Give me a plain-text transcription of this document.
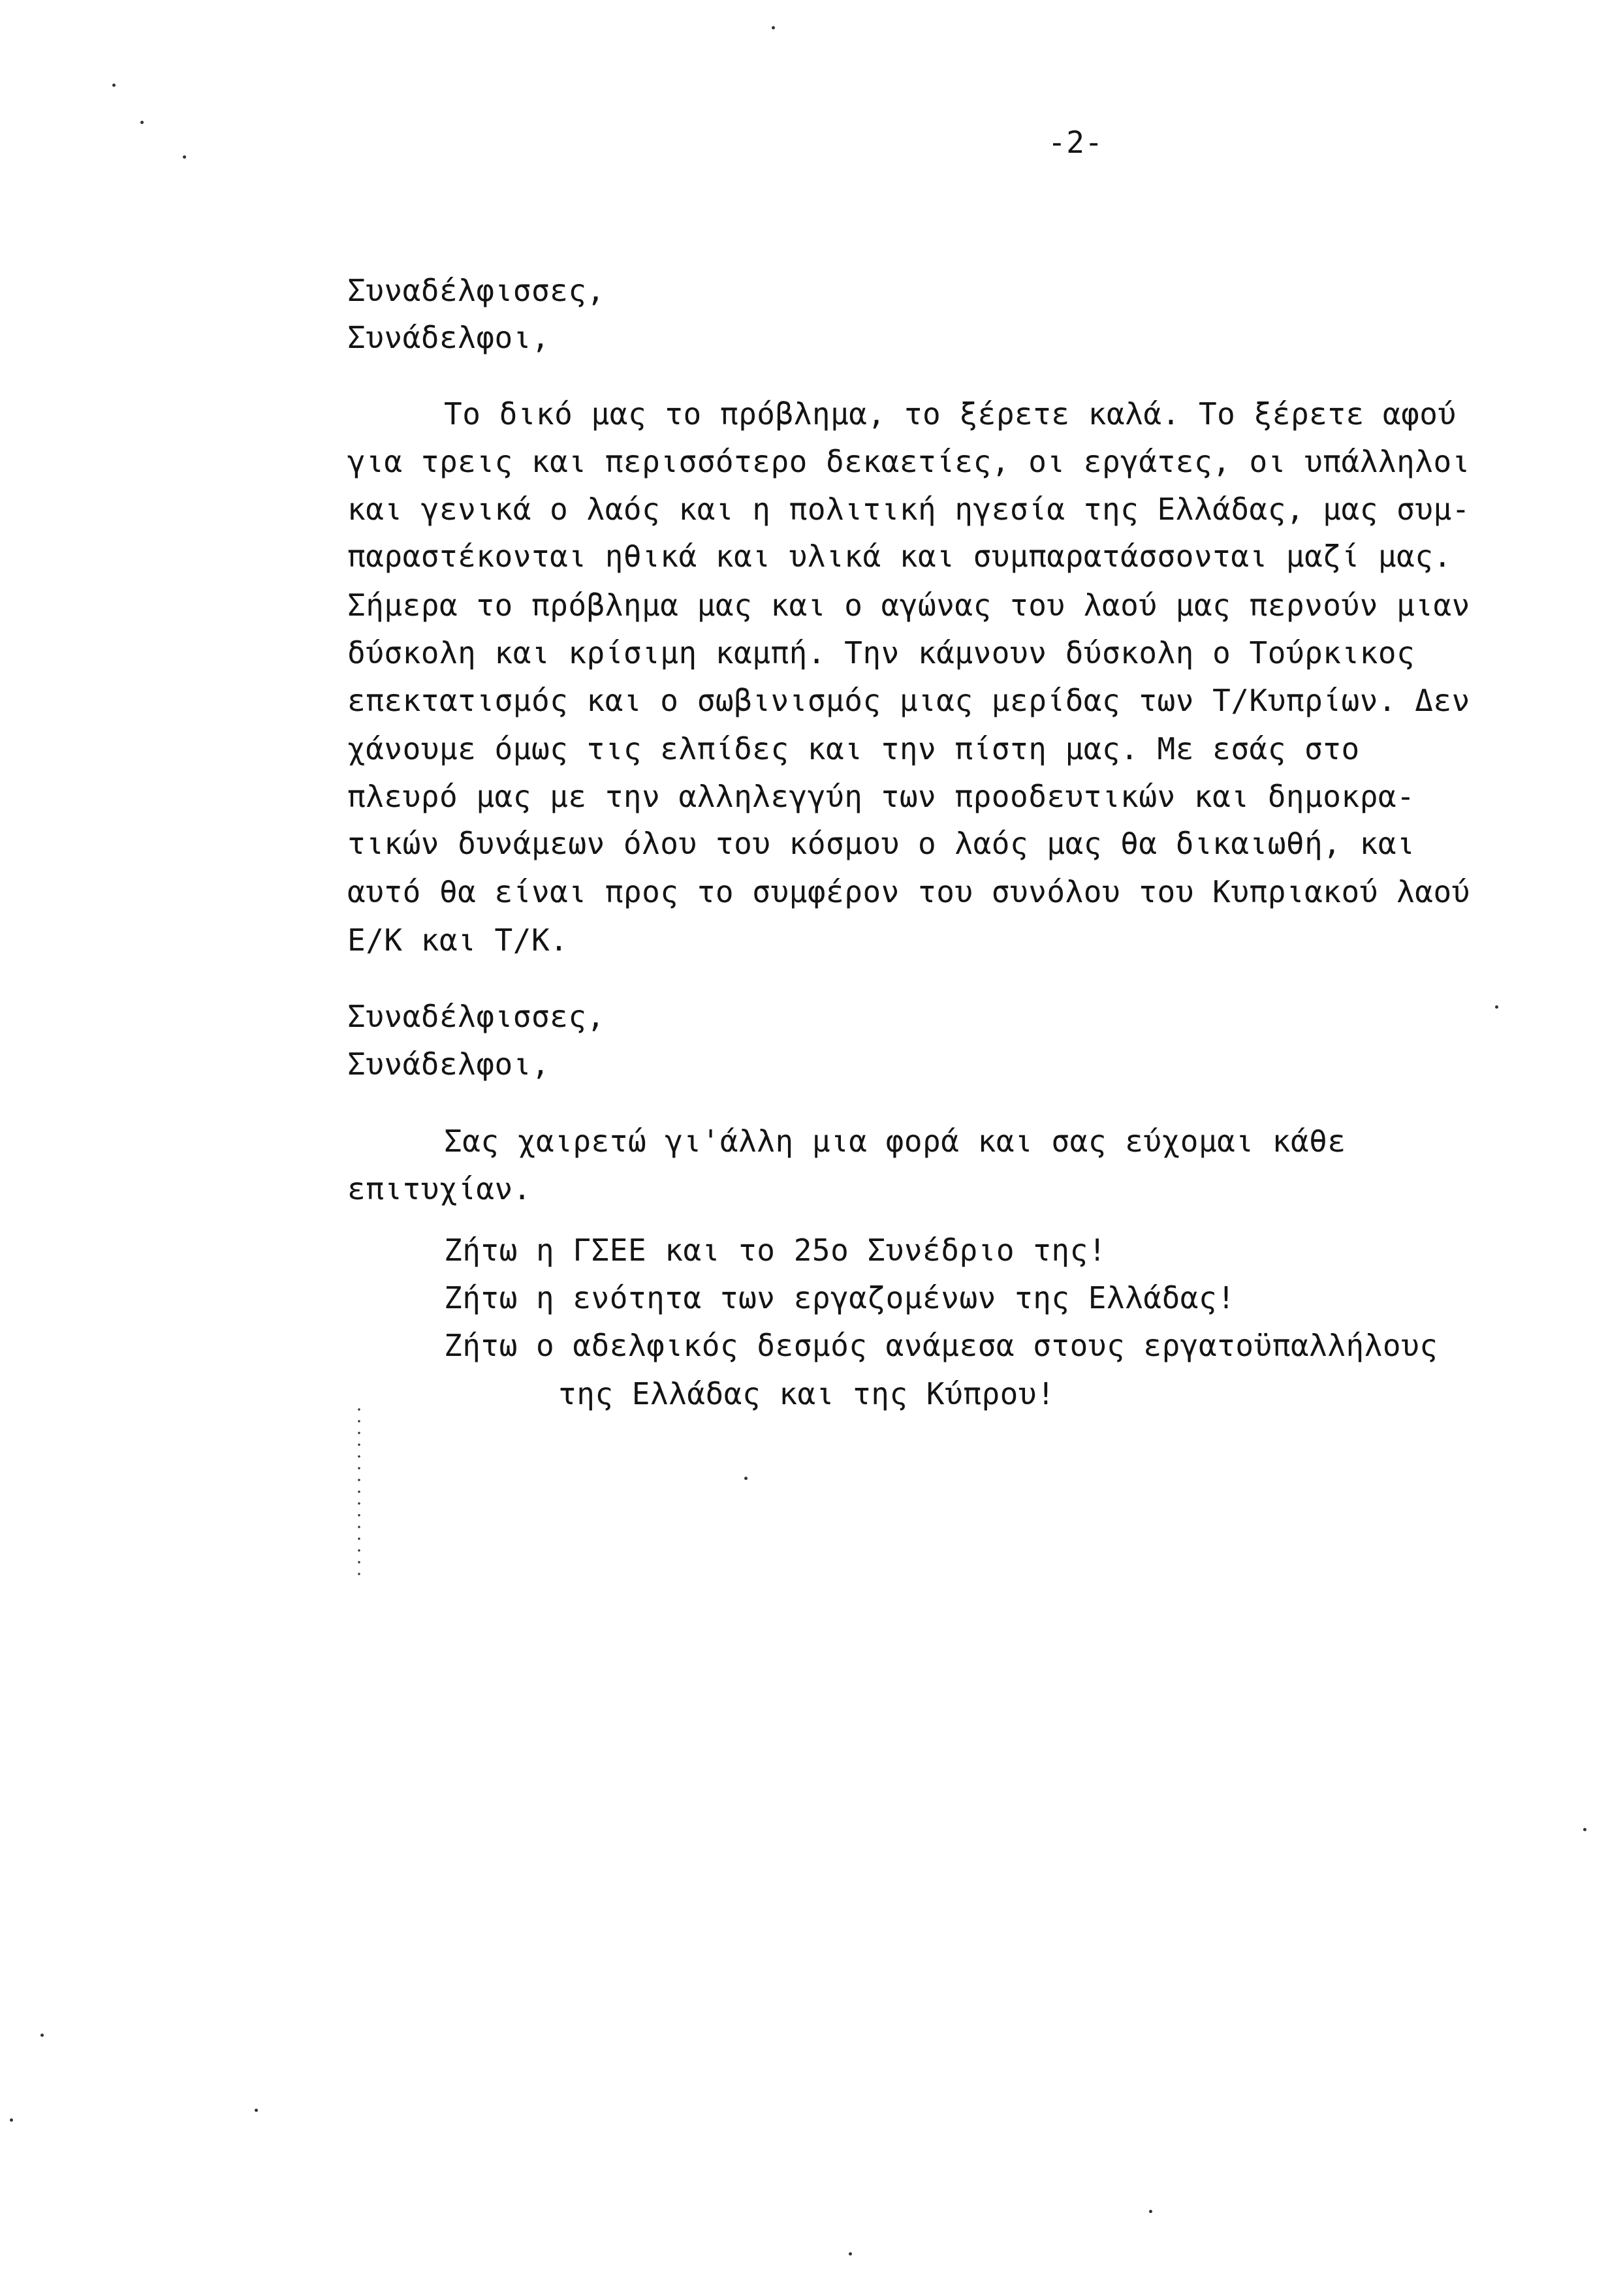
-2-
Συναδέλφισσες,
Συνάδελφοι,
Το δικό μας το πρόβλημα, το ξέρετε καλά. Το ξέρετε αφού
για τρεις και περισσότερο δεκαετίες, οι εργάτες, οι υπάλληλοι
και γενικά ο λαός και η πολιτική ηγεσία της Ελλάδας, μας συμ-
παραστέκονται ηθικά και υλικά και συμπαρατάσσονται μαζί μας.
Σήμερα το πρόβλημα μας και ο αγώνας του λαού μας περνούν μιαν
δύσκολη και κρίσιμη καμπή. Την κάμνουν δύσκολη ο Τούρκικος
επεκτατισμός και ο σωβινισμός μιας μερίδας των Τ/Κυπρίων. Δεν
χάνουμε όμως τις ελπίδες και την πίστη μας. Με εσάς στο
πλευρό μας με την αλληλεγγύη των προοδευτικών και δημοκρα-
τικών δυνάμεων όλου του κόσμου ο λαός μας θα δικαιωθή, και
αυτό θα είναι προς το συμφέρον του συνόλου του Κυπριακού λαού
Ε/Κ και Τ/Κ.
Συναδέλφισσες,
Συνάδελφοι,
Σας χαιρετώ γι'άλλη μια φορά και σας εύχομαι κάθε
επιτυχίαν.
Ζήτω η ΓΣΕΕ και το 25ο Συνέδριο της!
Ζήτω η ενότητα των εργαζομένων της Ελλάδας!
Ζήτω ο αδελφικός δεσμός ανάμεσα στους εργατοϋπαλλήλους
της Ελλάδας και της Κύπρου!
